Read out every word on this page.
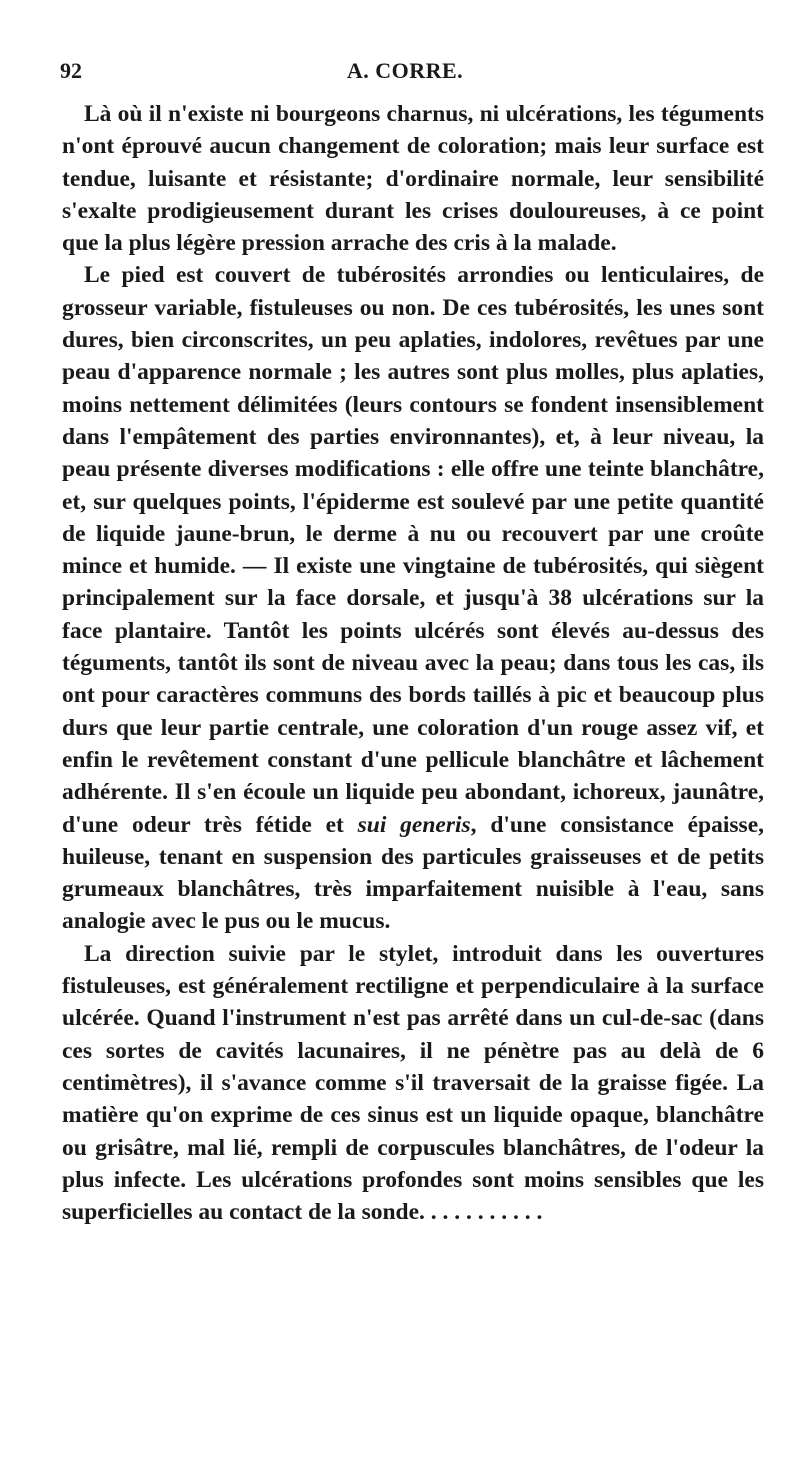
92	A. CORRE.

Là où il n'existe ni bourgeons charnus, ni ulcérations, les téguments n'ont éprouvé aucun changement de coloration; mais leur surface est tendue, luisante et résistante; d'ordinaire normale, leur sensibilité s'exalte prodigieusement durant les crises douloureuses, à ce point que la plus légère pression arrache des cris à la malade.

Le pied est couvert de tubérosités arrondies ou lenticulaires, de grosseur variable, fistuleuses ou non. De ces tubérosités, les unes sont dures, bien circonscrites, un peu aplaties, indolores, revêtues par une peau d'apparence normale ; les autres sont plus molles, plus aplaties, moins nettement délimitées (leurs contours se fondent insensiblement dans l'empâtement des parties environnantes), et, à leur niveau, la peau présente diverses modifications : elle offre une teinte blanchâtre, et, sur quelques points, l'épiderme est soulevé par une petite quantité de liquide jaune-brun, le derme à nu ou recouvert par une croûte mince et humide. — Il existe une vingtaine de tubérosités, qui siègent principalement sur la face dorsale, et jusqu'à 38 ulcérations sur la face plantaire. Tantôt les points ulcérés sont élevés au-dessus des téguments, tantôt ils sont de niveau avec la peau; dans tous les cas, ils ont pour caractères communs des bords taillés à pic et beaucoup plus durs que leur partie centrale, une coloration d'un rouge assez vif, et enfin le revêtement constant d'une pellicule blanchâtre et lâchement adhérente. Il s'en écoule un liquide peu abondant, ichoreux, jaunâtre, d'une odeur très fétide et sui generis, d'une consistance épaisse, huileuse, tenant en suspension des particules graisseuses et de petits grumeaux blanchâtres, très imparfaitement nuisible à l'eau, sans analogie avec le pus ou le mucus.

La direction suivie par le stylet, introduit dans les ouvertures fistuleuses, est généralement rectiligne et perpendiculaire à la surface ulcérée. Quand l'instrument n'est pas arrêté dans un cul-de-sac (dans ces sortes de cavités lacunaires, il ne pénètre pas au delà de 6 centimètres), il s'avance comme s'il traversait de la graisse figée. La matière qu'on exprime de ces sinus est un liquide opaque, blanchâtre ou grisâtre, mal lié, rempli de corpuscules blanchâtres, de l'odeur la plus infecte. Les ulcérations profondes sont moins sensibles que les superficielles au contact de la sonde. . . . . . . . . . .
